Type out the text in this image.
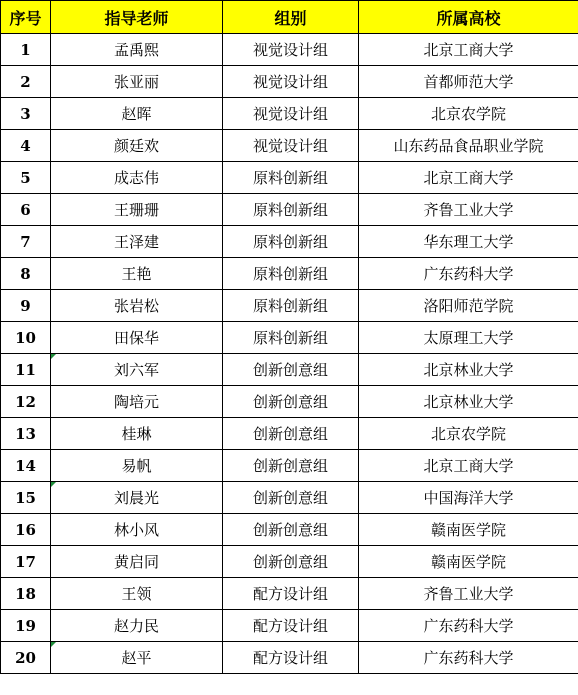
序号	指导老师	组别	所属高校
1	孟禹熙	视觉设计组	北京工商大学
2	张亚丽	视觉设计组	首都师范大学
3	赵晖	视觉设计组	北京农学院
4	颜廷欢	视觉设计组	山东药品食品职业学院
5	成志伟	原料创新组	北京工商大学
6	王珊珊	原料创新组	齐鲁工业大学
7	王泽建	原料创新组	华东理工大学
8	王艳	原料创新组	广东药科大学
9	张岩松	原料创新组	洛阳师范学院
10	田保华	原料创新组	太原理工大学
11	刘六军	创新创意组	北京林业大学
12	陶培元	创新创意组	北京林业大学
13	桂琳	创新创意组	北京农学院
14	易帆	创新创意组	北京工商大学
15	刘晨光	创新创意组	中国海洋大学
16	林小风	创新创意组	赣南医学院
17	黄启同	创新创意组	赣南医学院
18	王领	配方设计组	齐鲁工业大学
19	赵力民	配方设计组	广东药科大学
20	赵平	配方设计组	广东药科大学
